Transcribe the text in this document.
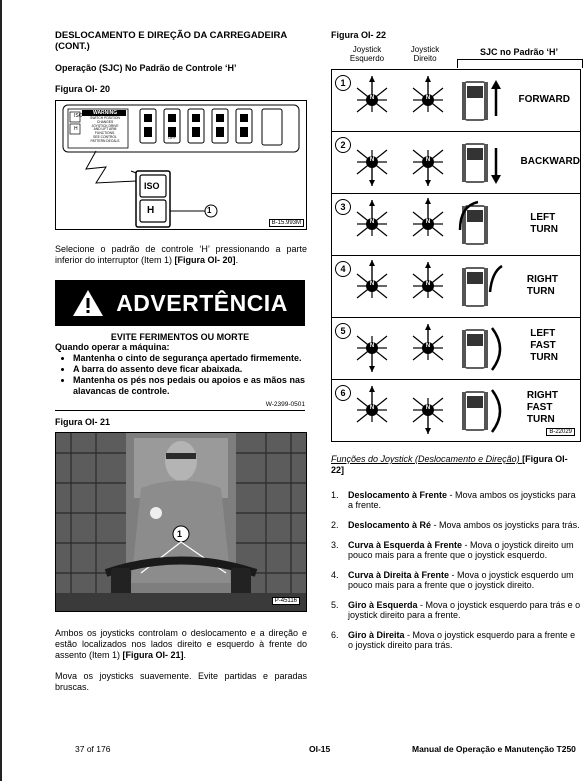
DESLOCAMENTO E DIREÇÃO DA CARREGADEIRA (CONT.)
Operação (SJC) No Padrão de Controle ‘H’
Figura OI- 20
ISO
H
WARNING
SWITCH POSITION
CHANGES
JOYSTICK DRIVE
AND LIFT ARM
FUNCTIONS.
SEE CONTROL
PATTERN DECALS
OFF
ISO
H	1
B-15.993M
Selecione o padrão de controle ‘H’ pressionando a parte inferior do interruptor (Item 1) [Figura OI- 20].
ADVERTÊNCIA
EVITE FERIMENTOS OU MORTE
Quando operar a máquina:
• Mantenha o cinto de segurança apertado firmemente.
• A barra do assento deve ficar abaixada.
• Mantenha os pés nos pedais ou apoios e as mãos nas alavancas de controle.
W-2399-0501
Figura OI- 21
1
P-45116
Ambos os joysticks controlam o deslocamento e a direção e estão localizados nos lados direito e esquerdo à frente do assento (Item 1) [Figura OI- 21].
Mova os joysticks suavemente. Evite partidas e paradas bruscas.
Figura OI- 22
Joystick Esquerdo
Joystick Direito
SJC no Padrão ‘H’
1
N	N	FORWARD
2
N	N	BACKWARD
3
N	N	LEFT
TURN
4
N	N	RIGHT
TURN
5
N	N
LEFT
FAST
TURN
6
N	N
RIGHT
FAST
TURN
B-22029
Funções do Joystick (Deslocamento e Direção) [Figura OI- 22]
1.	Deslocamento à Frente - Mova ambos os joysticks para a frente.
2.	Deslocamento à Ré - Mova ambos os joysticks para trás.
3.	Curva à Esquerda à Frente - Mova o joystick direito um pouco mais para a frente que o joystick esquerdo.
4.	Curva à Direita à Frente - Mova o joystick esquerdo um pouco mais para a frente que o joystick direito.
5.	Giro à Esquerda - Mova o joystick esquerdo para trás e o joystick direito para a frente.
6.	Giro à Direita - Mova o joystick esquerdo para a frente e o joystick direito para trás.
37 of 176	OI-15	Manual de Operação e Manutenção T250
